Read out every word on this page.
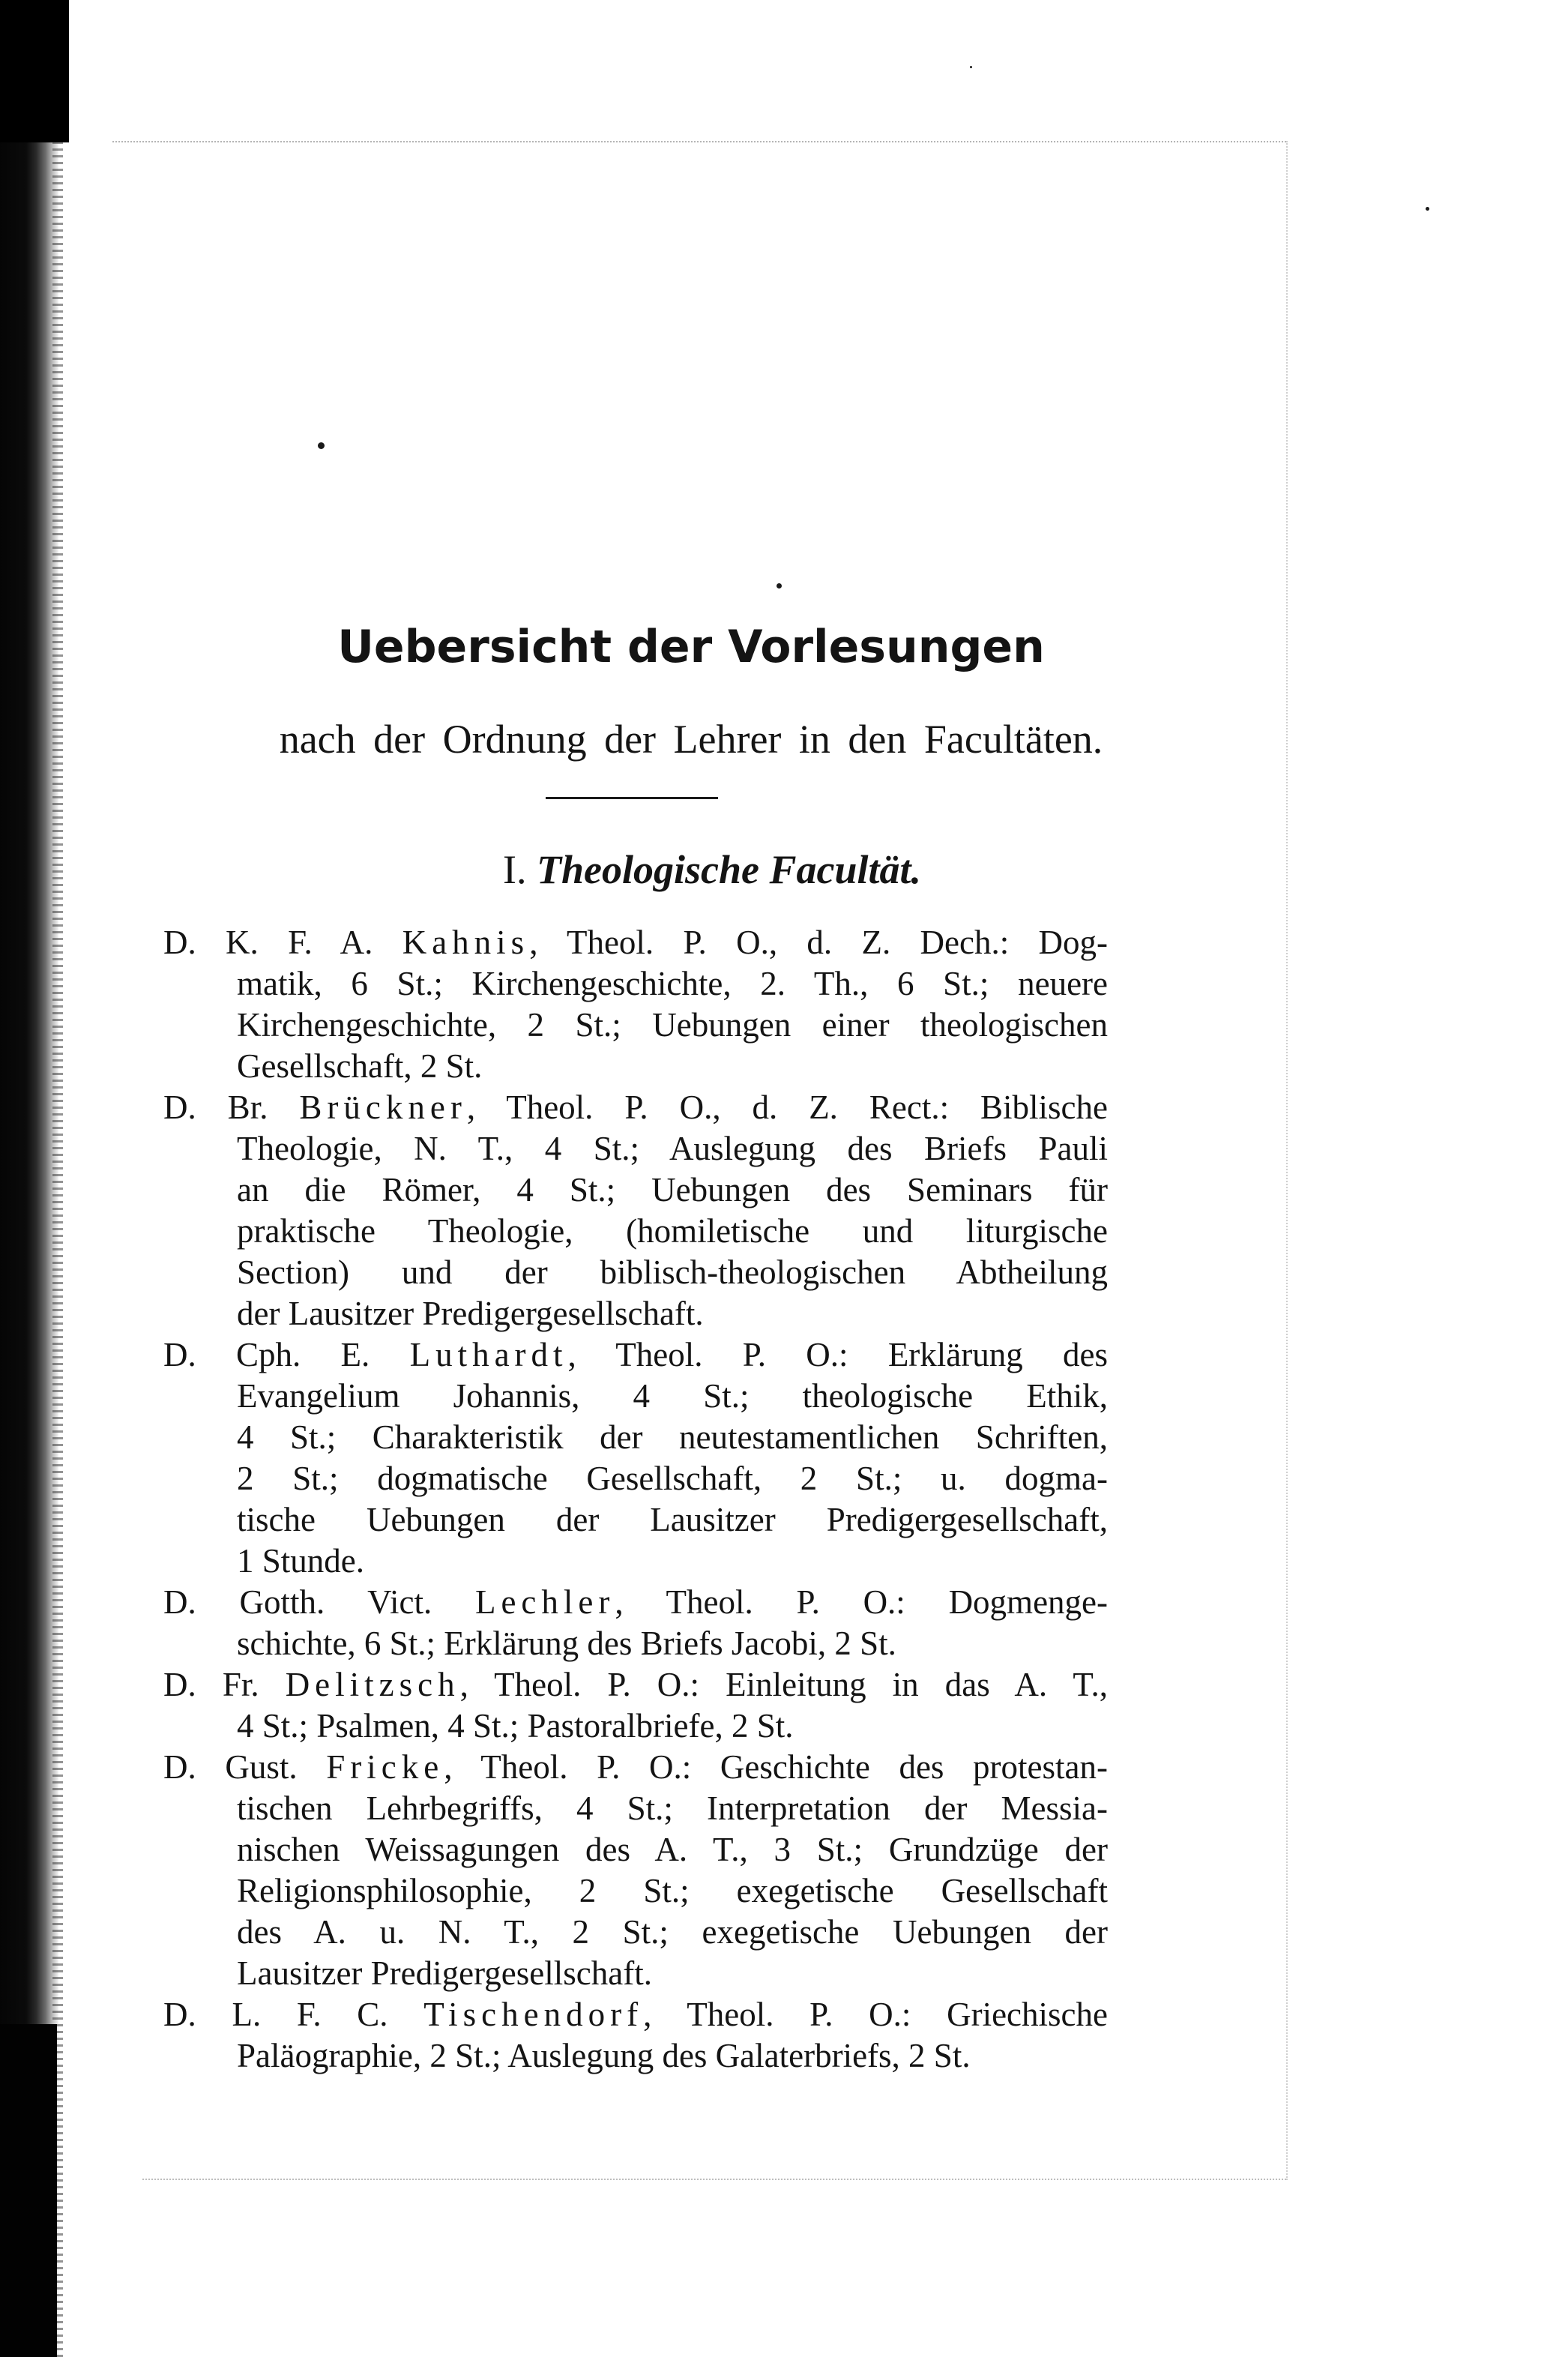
Uebersicht der Vorlesungen
nach der Ordnung der Lehrer in den Facultäten.
I. Theologische Facultät.
D. K. F. A. Kahnis, Theol. P. O., d. Z. Dech.: Dog-
matik, 6 St.; Kirchengeschichte, 2. Th., 6 St.; neuere
Kirchengeschichte, 2 St.; Uebungen einer theologischen
Gesellschaft, 2 St.
D. Br. Brückner, Theol. P. O., d. Z. Rect.: Biblische
Theologie, N. T., 4 St.; Auslegung des Briefs Pauli
an die Römer, 4 St.; Uebungen des Seminars für
praktische Theologie, (homiletische und liturgische
Section) und der biblisch-theologischen Abtheilung
der Lausitzer Predigergesellschaft.
D. Cph. E. Luthardt, Theol. P. O.: Erklärung des
Evangelium Johannis, 4 St.; theologische Ethik,
4 St.; Charakteristik der neutestamentlichen Schriften,
2 St.; dogmatische Gesellschaft, 2 St.; u. dogma-
tische Uebungen der Lausitzer Predigergesellschaft,
1 Stunde.
D. Gotth. Vict. Lechler, Theol. P. O.: Dogmenge-
schichte, 6 St.; Erklärung des Briefs Jacobi, 2 St.
D. Fr. Delitzsch, Theol. P. O.: Einleitung in das A. T.,
4 St.; Psalmen, 4 St.; Pastoralbriefe, 2 St.
D. Gust. Fricke, Theol. P. O.: Geschichte des protestan-
tischen Lehrbegriffs, 4 St.; Interpretation der Messia-
nischen Weissagungen des A. T., 3 St.; Grundzüge der
Religionsphilosophie, 2 St.; exegetische Gesellschaft
des A. u. N. T., 2 St.; exegetische Uebungen der
Lausitzer Predigergesellschaft.
D. L. F. C. Tischendorf, Theol. P. O.: Griechische
Paläographie, 2 St.; Auslegung des Galaterbriefs, 2 St.
